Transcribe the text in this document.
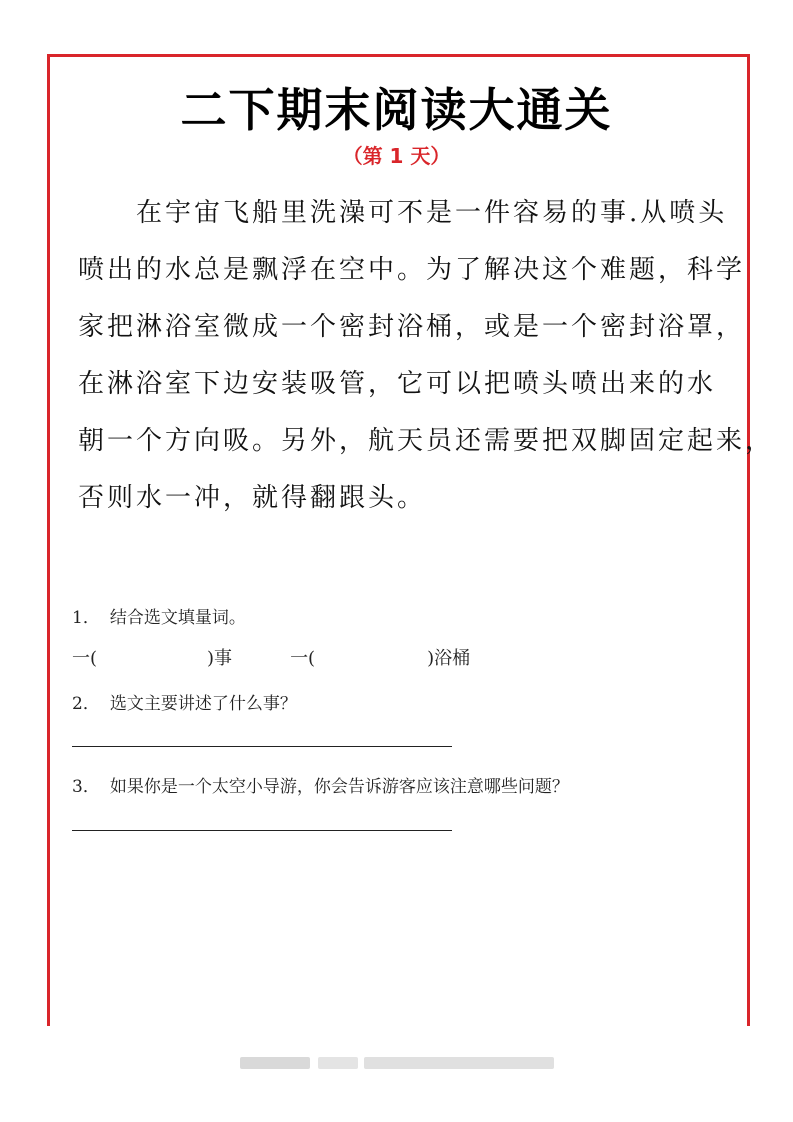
二下期末阅读大通关
（第 1 天）
在宇宙飞船里洗澡可不是一件容易的事.从喷头
喷出的水总是飘浮在空中。为了解决这个难题，科学
家把淋浴室微成一个密封浴桶，或是一个密封浴罩，
在淋浴室下边安装吸管，它可以把喷头喷出来的水
朝一个方向吸。另外，航天员还需要把双脚固定起来，
否则水一冲，就得翻跟头。
1． 结合选文填量词。
一(	)事	一(	)浴桶
2． 选文主要讲述了什么事？
3． 如果你是一个太空小导游，你会告诉游客应该注意哪些问题？
